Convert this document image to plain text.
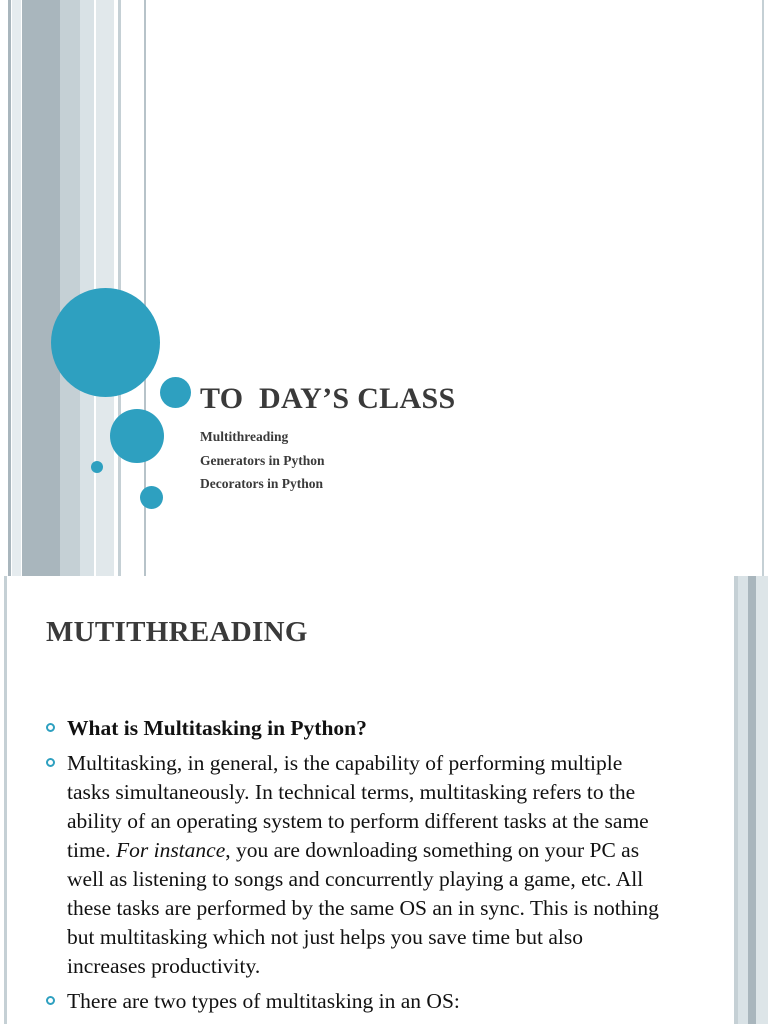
TO  DAY’S CLASS
Multithreading
Generators in Python
Decorators in Python
MUTITHREADING
What is Multitasking in Python?
Multitasking, in general, is the capability of performing multiple tasks simultaneously. In technical terms, multitasking refers to the ability of an operating system to perform different tasks at the same time. For instance, you are downloading something on your PC as well as listening to songs and concurrently playing a game, etc. All these tasks are performed by the same OS an in sync. This is nothing but multitasking which not just helps you save time but also increases productivity.
There are two types of multitasking in an OS:
